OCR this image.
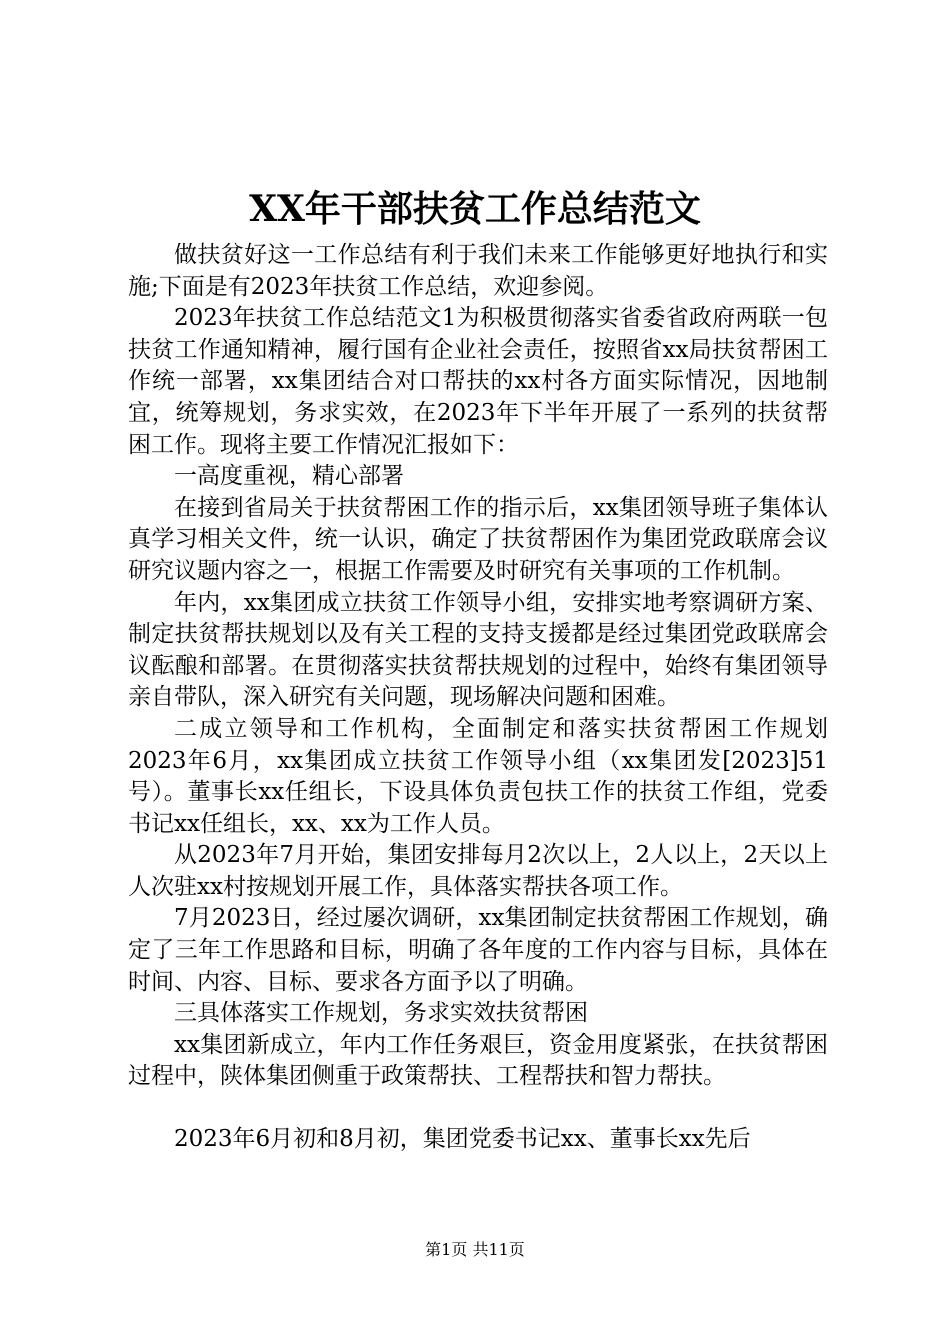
XX年干部扶贫工作总结范文

做扶贫好这一工作总结有利于我们未来工作能够更好地执行和实施;下面是有2023年扶贫工作总结，欢迎参阅。

2023年扶贫工作总结范文1为积极贯彻落实省委省政府两联一包扶贫工作通知精神，履行国有企业社会责任，按照省xx局扶贫帮困工作统一部署，xx集团结合对口帮扶的xx村各方面实际情况，因地制宜，统筹规划，务求实效，在2023年下半年开展了一系列的扶贫帮困工作。现将主要工作情况汇报如下：

一高度重视，精心部署

在接到省局关于扶贫帮困工作的指示后，xx集团领导班子集体认真学习相关文件，统一认识，确定了扶贫帮困作为集团党政联席会议研究议题内容之一，根据工作需要及时研究有关事项的工作机制。

年内，xx集团成立扶贫工作领导小组，安排实地考察调研方案、制定扶贫帮扶规划以及有关工程的支持支援都是经过集团党政联席会议酝酿和部署。在贯彻落实扶贫帮扶规划的过程中，始终有集团领导亲自带队，深入研究有关问题，现场解决问题和困难。

二成立领导和工作机构，全面制定和落实扶贫帮困工作规划2023年6月，xx集团成立扶贫工作领导小组（xx集团发[2023]51号）。董事长xx任组长，下设具体负责包扶工作的扶贫工作组，党委书记xx任组长，xx、xx为工作人员。

从2023年7月开始，集团安排每月2次以上，2人以上，2天以上人次驻xx村按规划开展工作，具体落实帮扶各项工作。

7月2023日，经过屡次调研，xx集团制定扶贫帮困工作规划，确定了三年工作思路和目标，明确了各年度的工作内容与目标，具体在时间、内容、目标、要求各方面予以了明确。

三具体落实工作规划，务求实效扶贫帮困

xx集团新成立，年内工作任务艰巨，资金用度紧张，在扶贫帮困过程中，陕体集团侧重于政策帮扶、工程帮扶和智力帮扶。

2023年6月初和8月初，集团党委书记xx、董事长xx先后

第1页 共11页
